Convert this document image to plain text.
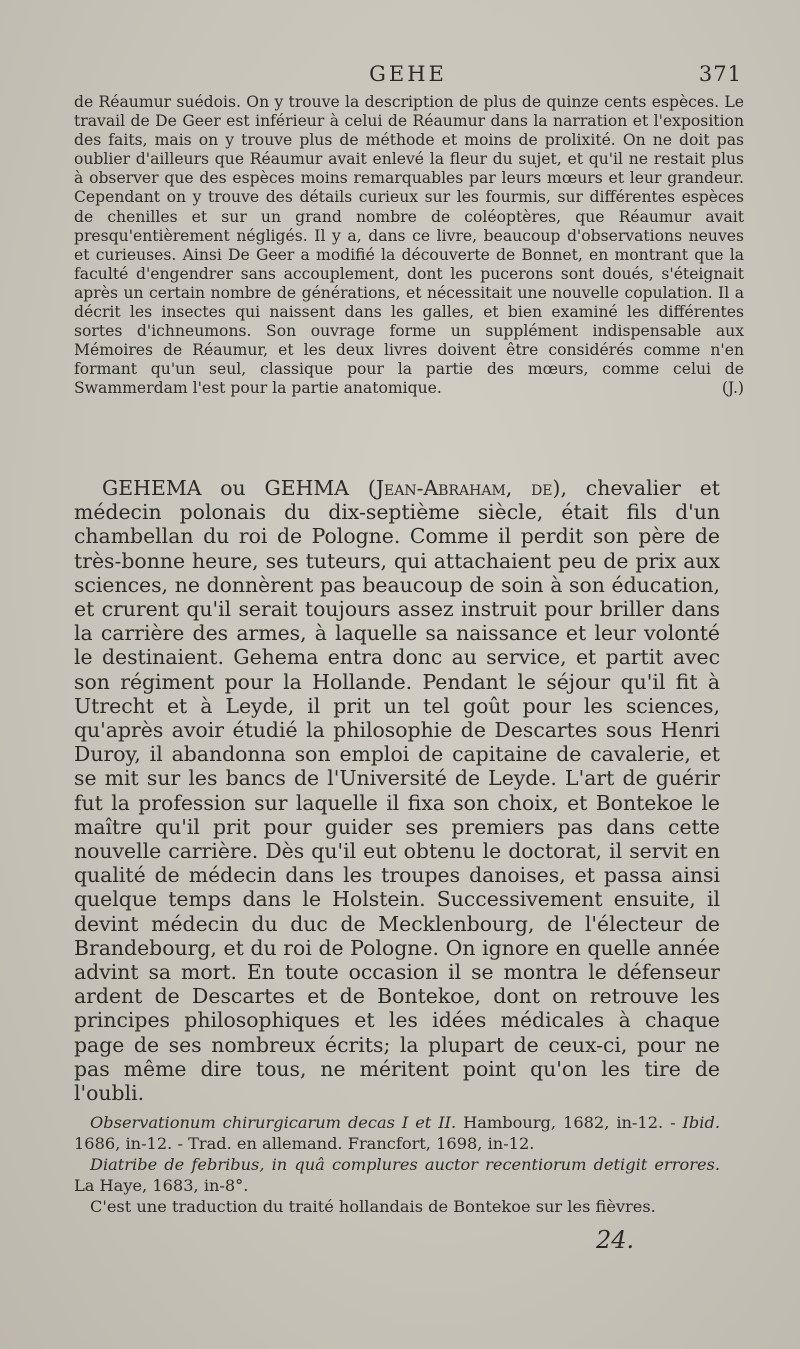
GEHE	371

de Réaumur suédois. On y trouve la description de plus de quinze cents espèces. Le travail de De Geer est inférieur à celui de Réaumur dans la narration et l'exposition des faits, mais on y trouve plus de méthode et moins de prolixité. On ne doit pas oublier d'ailleurs que Réaumur avait enlevé la fleur du sujet, et qu'il ne restait plus à observer que des espèces moins remarquables par leurs mœurs et leur grandeur. Cependant on y trouve des détails curieux sur les fourmis, sur différentes espèces de chenilles et sur un grand nombre de coléoptères, que Réaumur avait presqu'entièrement négligés. Il y a, dans ce livre, beaucoup d'observations neuves et curieuses. Ainsi De Geer a modifié la découverte de Bonnet, en montrant que la faculté d'engendrer sans accouplement, dont les pucerons sont doués, s'éteignait après un certain nombre de générations, et nécessitait une nouvelle copulation. Il a décrit les insectes qui naissent dans les galles, et bien examiné les différentes sortes d'ichneumons. Son ouvrage forme un supplément indispensable aux Mémoires de Réaumur, et les deux livres doivent être considérés comme n'en formant qu'un seul, classique pour la partie des mœurs, comme celui de Swammerdam l'est pour la partie anatomique.	(J.)

GEHEMA ou GEHMA (Jean-Abraham, de), chevalier et médecin polonais du dix-septième siècle, était fils d'un chambellan du roi de Pologne. Comme il perdit son père de très-bonne heure, ses tuteurs, qui attachaient peu de prix aux sciences, ne donnèrent pas beaucoup de soin à son éducation, et crurent qu'il serait toujours assez instruit pour briller dans la carrière des armes, à laquelle sa naissance et leur volonté le destinaient. Gehema entra donc au service, et partit avec son régiment pour la Hollande. Pendant le séjour qu'il fit à Utrecht et à Leyde, il prit un tel goût pour les sciences, qu'après avoir étudié la philosophie de Descartes sous Henri Duroy, il abandonna son emploi de capitaine de cavalerie, et se mit sur les bancs de l'Université de Leyde. L'art de guérir fut la profession sur laquelle il fixa son choix, et Bontekoe le maître qu'il prit pour guider ses premiers pas dans cette nouvelle carrière. Dès qu'il eut obtenu le doctorat, il servit en qualité de médecin dans les troupes danoises, et passa ainsi quelque temps dans le Holstein. Successivement ensuite, il devint médecin du duc de Mecklenbourg, de l'électeur de Brandebourg, et du roi de Pologne. On ignore en quelle année advint sa mort. En toute occasion il se montra le défenseur ardent de Descartes et de Bontekoe, dont on retrouve les principes philosophiques et les idées médicales à chaque page de ses nombreux écrits; la plupart de ceux-ci, pour ne pas même dire tous, ne méritent point qu'on les tire de l'oubli.

Observationum chirurgicarum decas I et II. Hambourg, 1682, in-12. - Ibid. 1686, in-12. - Trad. en allemand. Francfort, 1698, in-12.

Diatribe de febribus, in quâ complures auctor recentiorum detigit errores. La Haye, 1683, in-8°.

C'est une traduction du traité hollandais de Bontekoe sur les fièvres.

24.
